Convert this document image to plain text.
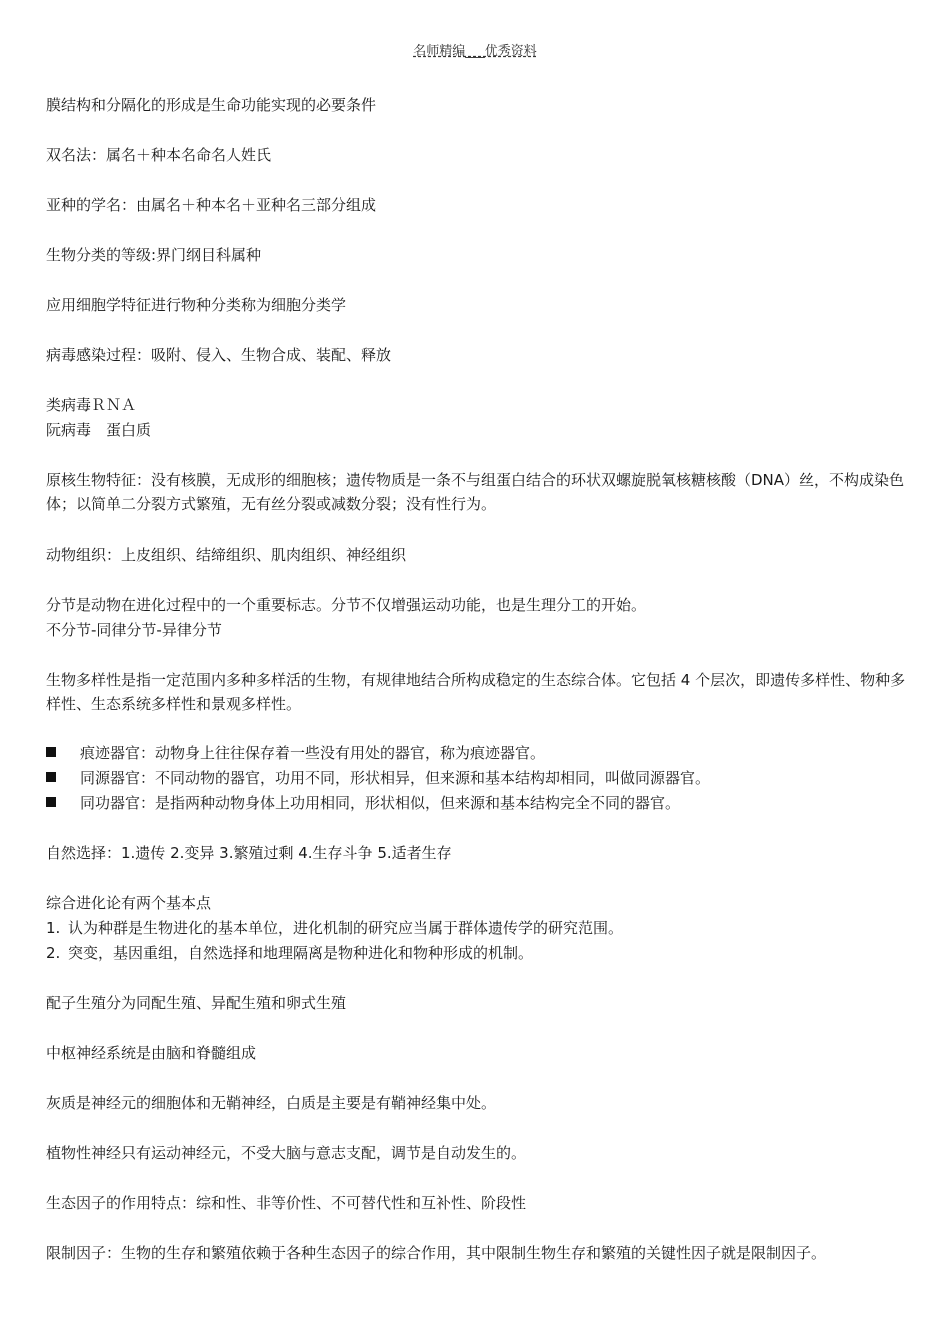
名师精编___优秀资料
膜结构和分隔化的形成是生命功能实现的必要条件
双名法：属名＋种本名命名人姓氏
亚种的学名：由属名＋种本名＋亚种名三部分组成
生物分类的等级:界门纲目科属种
应用细胞学特征进行物种分类称为细胞分类学
病毒感染过程：吸附、侵入、生物合成、装配、释放
类病毒ＲＮＡ
阮病毒　蛋白质
原核生物特征：没有核膜，无成形的细胞核；遗传物质是一条不与组蛋白结合的环状双螺旋脱氧核糖核酸（DNA）丝，不构成染色体；以简单二分裂方式繁殖，无有丝分裂或减数分裂；没有性行为。
动物组织：上皮组织、结缔组织、肌肉组织、神经组织
分节是动物在进化过程中的一个重要标志。分节不仅增强运动功能，也是生理分工的开始。
不分节-同律分节-异律分节
生物多样性是指一定范围内多种多样活的生物，有规律地结合所构成稳定的生态综合体。它包括 4 个层次，即遗传多样性、物种多样性、生态系统多样性和景观多样性。
痕迹器官：动物身上往往保存着一些没有用处的器官，称为痕迹器官。
同源器官：不同动物的器官，功用不同，形状相异，但来源和基本结构却相同，叫做同源器官。
同功器官：是指两种动物身体上功用相同，形状相似，但来源和基本结构完全不同的器官。
自然选择：1.遗传 2.变异 3.繁殖过剩 4.生存斗争 5.适者生存
综合进化论有两个基本点
1. 认为种群是生物进化的基本单位，进化机制的研究应当属于群体遗传学的研究范围。
2. 突变，基因重组，自然选择和地理隔离是物种进化和物种形成的机制。
配子生殖分为同配生殖、异配生殖和卵式生殖
中枢神经系统是由脑和脊髓组成
灰质是神经元的细胞体和无鞘神经，白质是主要是有鞘神经集中处。
植物性神经只有运动神经元，不受大脑与意志支配，调节是自动发生的。
生态因子的作用特点：综和性、非等价性、不可替代性和互补性、阶段性
限制因子：生物的生存和繁殖依赖于各种生态因子的综合作用，其中限制生物生存和繁殖的关键性因子就是限制因子。
